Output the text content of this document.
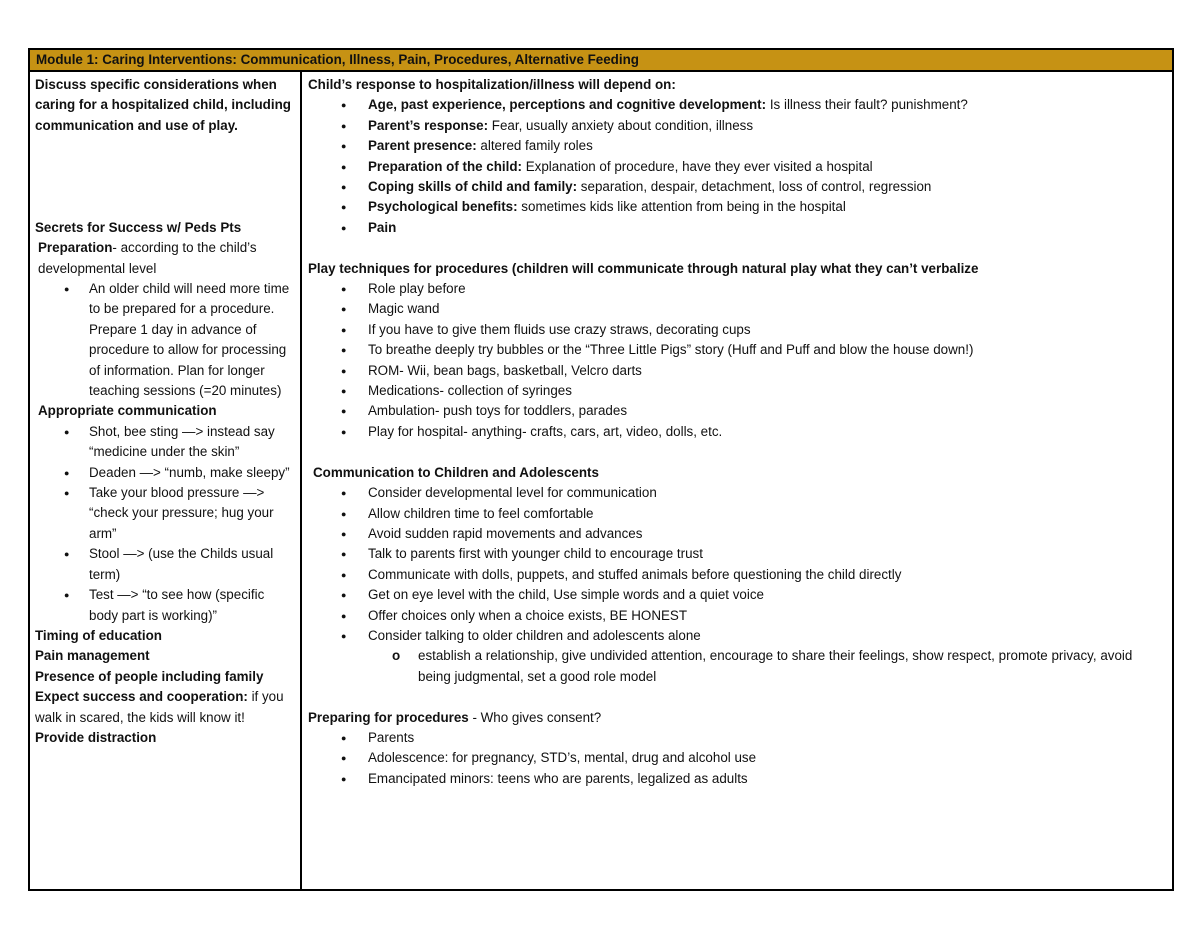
Module 1: Caring Interventions: Communication, Illness, Pain, Procedures, Alternative Feeding

Discuss specific considerations when caring for a hospitalized child, including communication and use of play.

Secrets for Success w/ Peds Pts

Preparation- according to the child’s developmental level

● An older child will need more time to be prepared for a procedure. Prepare 1 day in advance of procedure to allow for processing of information. Plan for longer teaching sessions (=20 minutes)

Appropriate communication

● Shot, bee sting —> instead say “medicine under the skin”
● Deaden —> “numb, make sleepy”
● Take your blood pressure —> “check your pressure; hug your arm”
● Stool —> (use the Childs usual term)
● Test —> “to see how (specific body part is working)”

Timing of education

Pain management

Presence of people including family

Expect success and cooperation: if you walk in scared, the kids will know it!

Provide distraction

Child’s response to hospitalization/illness will depend on:

● Age, past experience, perceptions and cognitive development: Is illness their fault? punishment?
● Parent’s response: Fear, usually anxiety about condition, illness
● Parent presence: altered family roles
● Preparation of the child: Explanation of procedure, have they ever visited a hospital
● Coping skills of child and family: separation, despair, detachment, loss of control, regression
● Psychological benefits: sometimes kids like attention from being in the hospital
● Pain

Play techniques for procedures (children will communicate through natural play what they can’t verbalize

● Role play before
● Magic wand
● If you have to give them fluids use crazy straws, decorating cups
● To breathe deeply try bubbles or the “Three Little Pigs” story (Huff and Puff and blow the house down!)
● ROM- Wii, bean bags, basketball, Velcro darts
● Medications- collection of syringes
● Ambulation- push toys for toddlers, parades
● Play for hospital- anything- crafts, cars, art, video, dolls, etc.

Communication to Children and Adolescents

● Consider developmental level for communication
● Allow children time to feel comfortable
● Avoid sudden rapid movements and advances
● Talk to parents first with younger child to encourage trust
● Communicate with dolls, puppets, and stuffed animals before questioning the child directly
● Get on eye level with the child, Use simple words and a quiet voice
● Offer choices only when a choice exists, BE HONEST
● Consider talking to older children and adolescents alone
o establish a relationship, give undivided attention, encourage to share their feelings, show respect, promote privacy, avoid being judgmental, set a good role model

Preparing for procedures - Who gives consent?

● Parents
● Adolescence: for pregnancy, STD’s, mental, drug and alcohol use
● Emancipated minors: teens who are parents, legalized as adults
